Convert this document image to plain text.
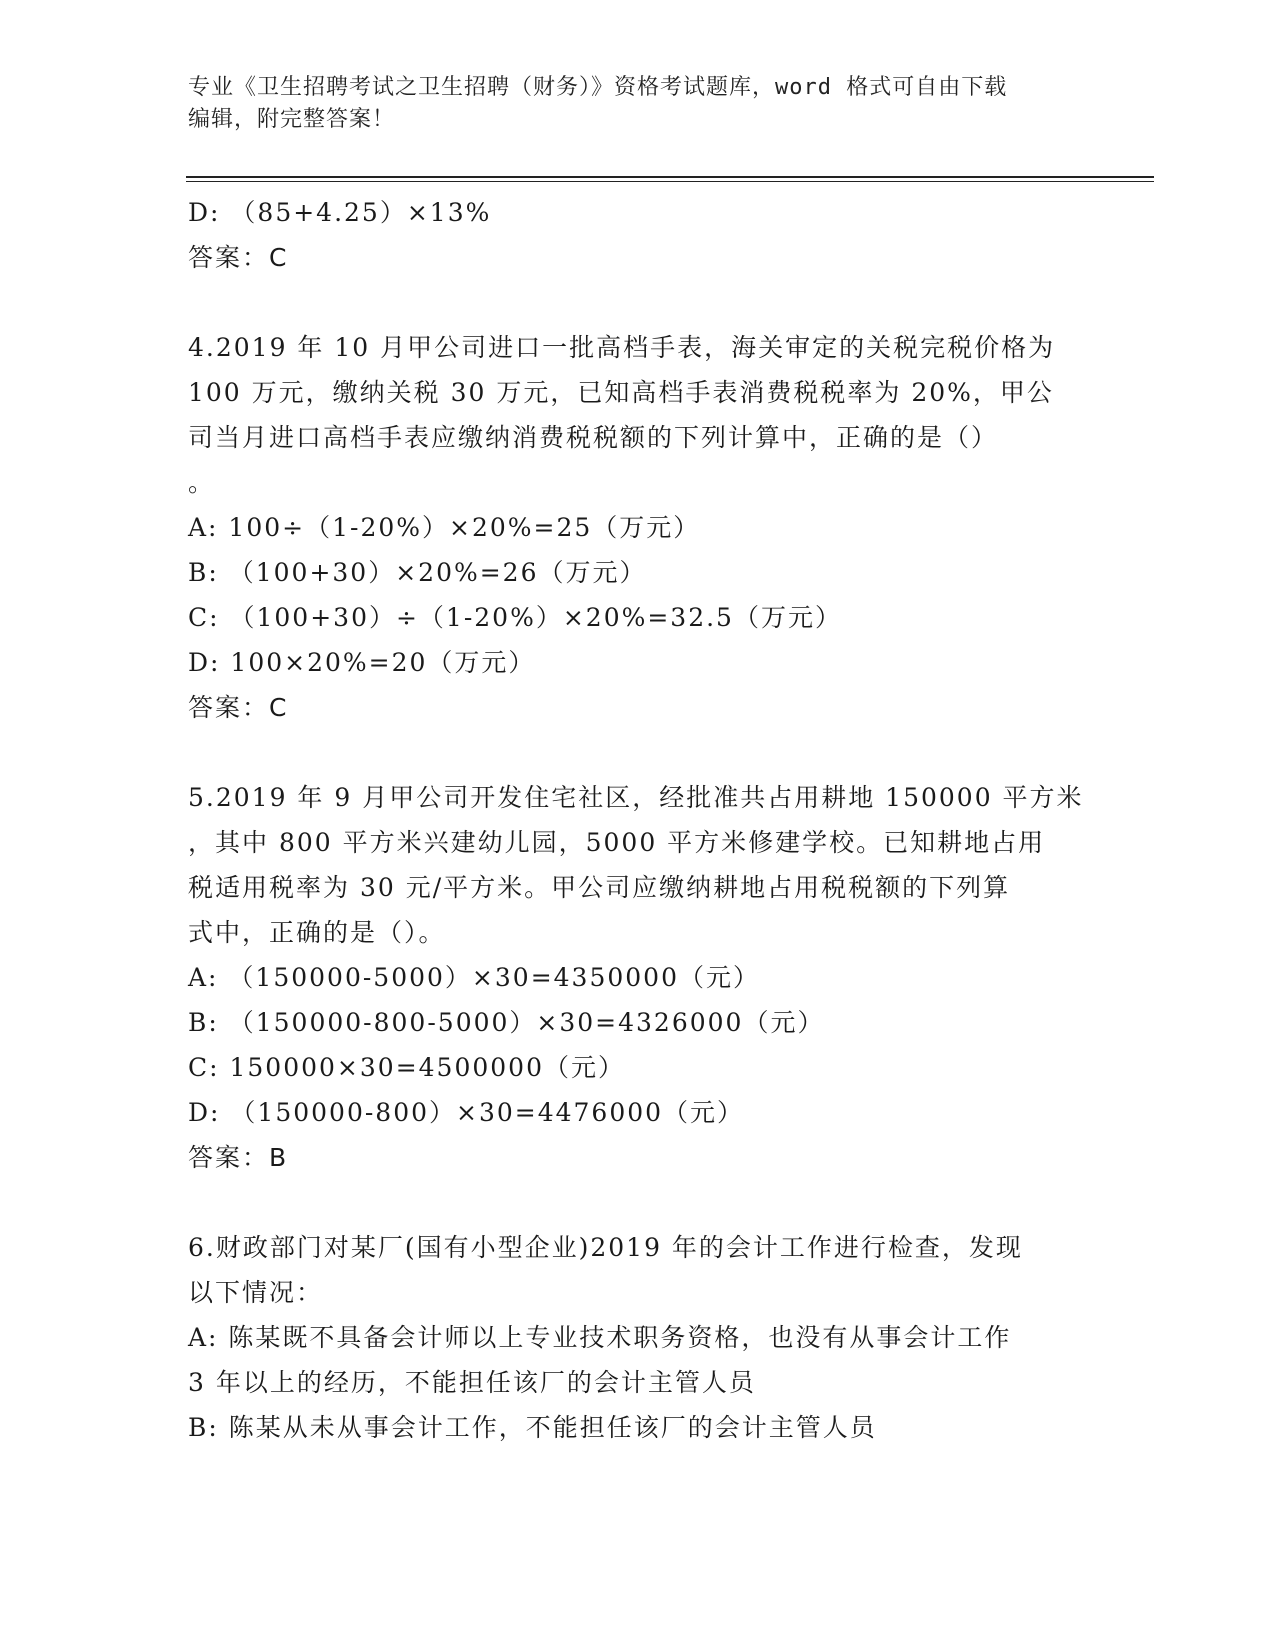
专业《卫生招聘考试之卫生招聘（财务）》资格考试题库，word 格式可自由下载
编辑，附完整答案！
D: （85+4.25）×13%
答案：C
4.2019 年 10 月甲公司进口一批高档手表，海关审定的关税完税价格为
100 万元，缴纳关税 30 万元，已知高档手表消费税税率为 20%，甲公
司当月进口高档手表应缴纳消费税税额的下列计算中，正确的是（）
。
A: 100÷（1-20%）×20%=25（万元）
B: （100+30）×20%=26（万元）
C: （100+30）÷（1-20%）×20%=32.5（万元）
D: 100×20%=20（万元）
答案：C
5.2019 年 9 月甲公司开发住宅社区，经批准共占用耕地 150000 平方米
，其中 800 平方米兴建幼儿园，5000 平方米修建学校。已知耕地占用
税适用税率为 30 元/平方米。甲公司应缴纳耕地占用税税额的下列算
式中，正确的是（）。
A: （150000-5000）×30=4350000（元）
B: （150000-800-5000）×30=4326000（元）
C: 150000×30=4500000（元）
D: （150000-800）×30=4476000（元）
答案：B
6.财政部门对某厂(国有小型企业)2019 年的会计工作进行检查，发现
以下情况：
A: 陈某既不具备会计师以上专业技术职务资格，也没有从事会计工作
3 年以上的经历，不能担任该厂的会计主管人员
B: 陈某从未从事会计工作，不能担任该厂的会计主管人员
